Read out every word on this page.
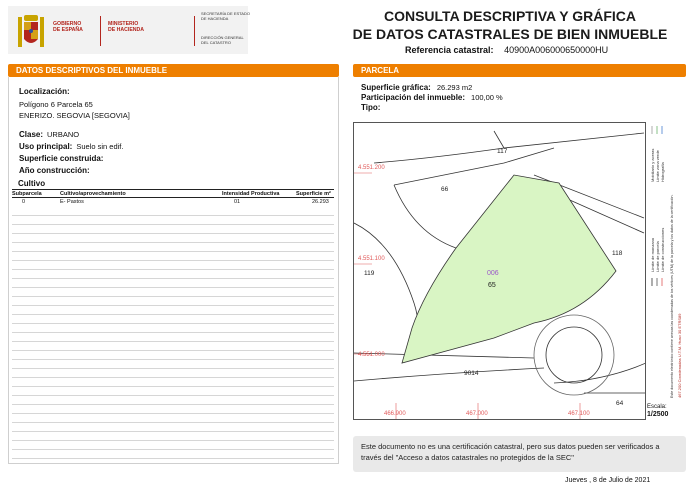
GOBIERNO
DE ESPAÑA
MINISTERIO
DE HACIENDA
SECRETARÍA DE ESTADO
DE HACIENDA
DIRECCIÓN GENERAL
DEL CATASTRO
CONSULTA DESCRIPTIVA Y GRÁFICA
DE DATOS CATASTRALES DE BIEN INMUEBLE
Referencia catastral: 40900A006000650000HU
DATOS DESCRIPTIVOS DEL INMUEBLE
Localización:
Polígono 6 Parcela 65
ENERIZO. SEGOVIA [SEGOVIA]
Clase: URBANO
Uso principal: Suelo sin edif.
Superficie construida:
Año construcción:
Cultivo
Subparcela	Cultivo/aprovechamiento	Intensidad Productiva	Superficie m²
0	E- Pastos	01	26.293
PARCELA
Superficie gráfica: 26.293 m2
Participación del inmueble: 100,00 %
Tipo:
4.551.200
4.551.100
4.551.000
466.900	467.000	467.100
117
66
118
119
9014
64
006
65
Límite de manzana Límite de parcela Límite de construcciones
Mobiliario y aceras Límite zona verde Hidrografía
Este documento electrónico contiene anexas las coordenadas de los vértices (UTM) de la parcela y los datos de la certificación. 467.200 Coordenadas U.T.M. Huso 30 ETRS89
Escala:
1/2500
Este documento no es una certificación catastral, pero sus datos pueden ser verificados a través del "Acceso a datos catastrales no protegidos de la SEC"
Jueves , 8 de Julio de 2021
